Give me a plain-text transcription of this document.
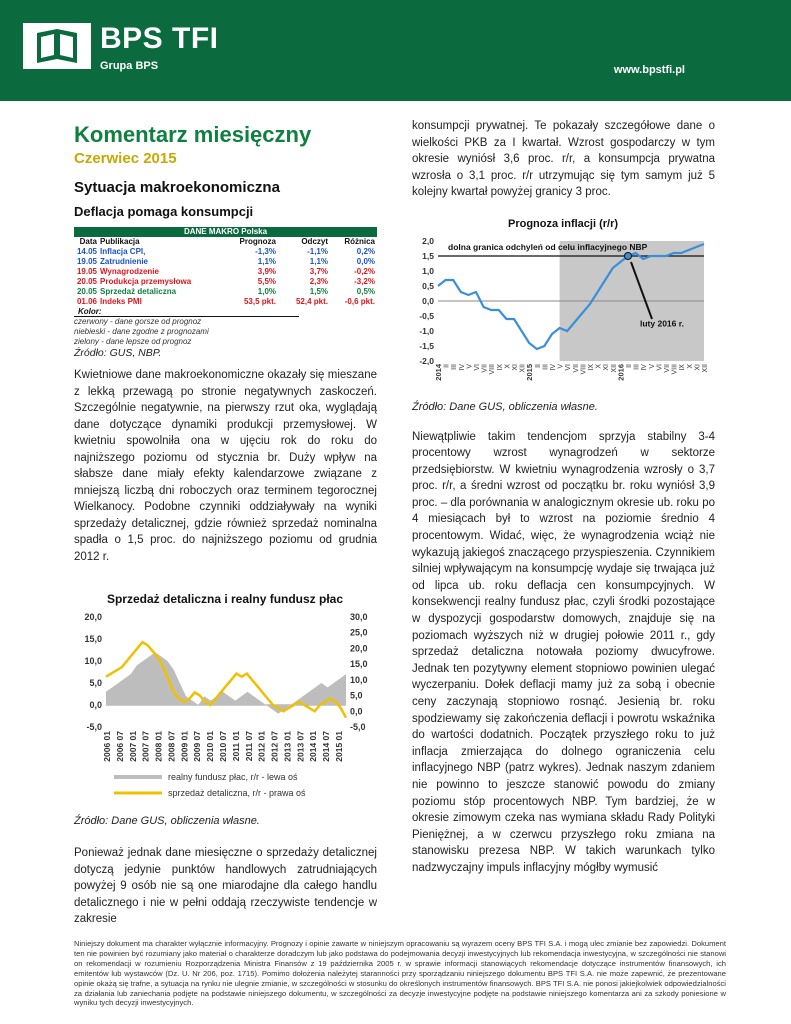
BPS TFI
Grupa BPS	www.bpstfi.pl
Komentarz miesięczny
Czerwiec 2015
Sytuacja makroekonomiczna
Deflacja pomaga konsumpcji
DANE MAKRO Polska
Data Publikacja	Prognoza	Odczyt	Różnica
14.05 Inflacja CPI,	-1,3%	-1,1%	0,2%
19.05 Zatrudnienie	1,1%	1,1%	0,0%
19.05 Wynagrodzenie	3,9%	3,7%	-0,2%
20.05 Produkcja przemysłowa	5,5%	2,3%	-3,2%
20.05 Sprzedaż detaliczna	1,0%	1,5%	0,5%
01.06 Indeks PMI	53,5 pkt.	52,4 pkt.	-0,6 pkt.
Kolor:
czerwony - dane gorsze od prognoz
niebieski - dane zgodne z prognozami
zielony - dane lepsze od prognoz
Źródło: GUS, NBP.
Kwietniowe dane makroekonomiczne okazały się mieszane z lekką przewagą po stronie negatywnych zaskoczeń. Szczególnie negatywnie, na pierwszy rzut oka, wyglądają dane dotyczące dynamiki produkcji przemysłowej. W kwietniu spowolniła ona w ujęciu rok do roku do najniższego poziomu od stycznia br. Duży wpływ na słabsze dane miały efekty kalendarzowe związane z mniejszą liczbą dni roboczych oraz terminem tegorocznej Wielkanocy. Podobne czynniki oddziaływały na wyniki sprzedaży detalicznej, gdzie również sprzedaż nominalna spadła o 1,5 proc. do najniższego poziomu od grudnia 2012 r.
Sprzedaż detaliczna i realny fundusz płac
-5,0
0,0
5,0
10,0
15,0
20,0
-5,0
0,0
5,0
10,0
15,0
20,0
25,0
30,0
2006 01 2006 07 2007 01 2007 07 2008 01 2008 07 2009 01 2009 07 2010 01 2010 07 2011 01 2011 07 2012 01 2012 07 2013 01 2013 07 2014 01 2014 07 2015 01
realny fundusz płac, r/r - lewa oś
sprzedaż detaliczna, r/r - prawa oś
Źródło: Dane GUS, obliczenia własne.
Ponieważ jednak dane miesięczne o sprzedaży detalicznej dotyczą jedynie punktów handlowych zatrudniających powyżej 9 osób nie są one miarodajne dla całego handlu detalicznego i nie w pełni oddają rzeczywiste tendencje w zakresie
konsumpcji prywatnej. Te pokazały szczegółowe dane o wielkości PKB za I kwartał. Wzrost gospodarczy w tym okresie wyniósł 3,6 proc. r/r, a konsumpcja prywatna wzrosła o 3,1 proc. r/r utrzymując się tym samym już 5 kolejny kwartał powyżej granicy 3 proc.
Prognoza inflacji (r/r)
-2,0
-1,5
-1,0
-0,5
0,0
0,5
1,0
1,5
2,0
dolna granica odchyleń od celu inflacyjnego NBP
luty 2016 r.
II III IV V VI VII VIII IX X XI XII II III IV V VI VII VIII IX X XI XII II III IV V VI VII VIII IX X XI XII
2014	2015	2016
Źródło: Dane GUS, obliczenia własne.
Niewątpliwie takim tendencjom sprzyja stabilny 3-4 procentowy wzrost wynagrodzeń w sektorze przedsiębiorstw. W kwietniu wynagrodzenia wzrosły o 3,7 proc. r/r, a średni wzrost od początku br. roku wyniósł 3,9 proc. – dla porównania w analogicznym okresie ub. roku po 4 miesiącach był to wzrost na poziomie średnio 4 procentowym. Widać, więc, że wynagrodzenia wciąż nie wykazują jakiegoś znaczącego przyspieszenia. Czynnikiem silniej wpływającym na konsumpcję wydaje się trwająca już od lipca ub. roku deflacja cen konsumpcyjnych. W konsekwencji realny fundusz płac, czyli środki pozostające w dyspozycji gospodarstw domowych, znajduje się na poziomach wyższych niż w drugiej połowie 2011 r., gdy sprzedaż detaliczna notowała poziomy dwucyfrowe. Jednak ten pozytywny element stopniowo powinien ulegać wyczerpaniu. Dołek deflacji mamy już za sobą i obecnie ceny zaczynają stopniowo rosnąć. Jesienią br. roku spodziewamy się zakończenia deflacji i powrotu wskaźnika do wartości dodatnich. Początek przyszłego roku to już inflacja zmierzająca do dolnego ograniczenia celu inflacyjnego NBP (patrz wykres). Jednak naszym zdaniem nie powinno to jeszcze stanowić powodu do zmiany poziomu stóp procentowych NBP. Tym bardziej, że w okresie zimowym czeka nas wymiana składu Rady Polityki Pieniężnej, a w czerwcu przyszłego roku zmiana na stanowisku prezesa NBP. W takich warunkach tylko nadzwyczajny impuls inflacyjny mógłby wymusić
Niniejszy dokument ma charakter wyłącznie informacyjny. Prognozy i opinie zawarte w niniejszym opracowaniu są wyrazem oceny BPS TFI S.A. i mogą ulec zmianie bez zapowiedzi. Dokument ten nie powinien być rozumiany jako materiał o charakterze doradczym lub jako podstawa do podejmowania decyzji inwestycyjnych lub rekomendacja inwestycyjna, w szczególności nie stanowi on rekomendacji w rozumieniu Rozporządzenia Ministra Finansów z 19 października 2005 r. w sprawie informacji stanowiących rekomendacje dotyczące instrumentów finansowych, ich emitentów lub wystawców (Dz. U. Nr 206, poz. 1715). Pomimo dołożenia należytej staranności przy sporządzaniu niniejszego dokumentu BPS TFI S.A. nie może zapewnić, że prezentowane opinie okażą się trafne, a sytuacja na rynku nie ulegnie zmianie, w szczególności w stosunku do określonych instrumentów finansowych. BPS TFI S.A. nie ponosi jakiejkolwiek odpowiedzialności za działania lub zaniechania podjęte na podstawie niniejszego dokumentu, w szczególności za decyzje inwestycyjne podjęte na podstawie niniejszego komentarza ani za szkody poniesione w wyniku tych decyzji inwestycyjnych.
